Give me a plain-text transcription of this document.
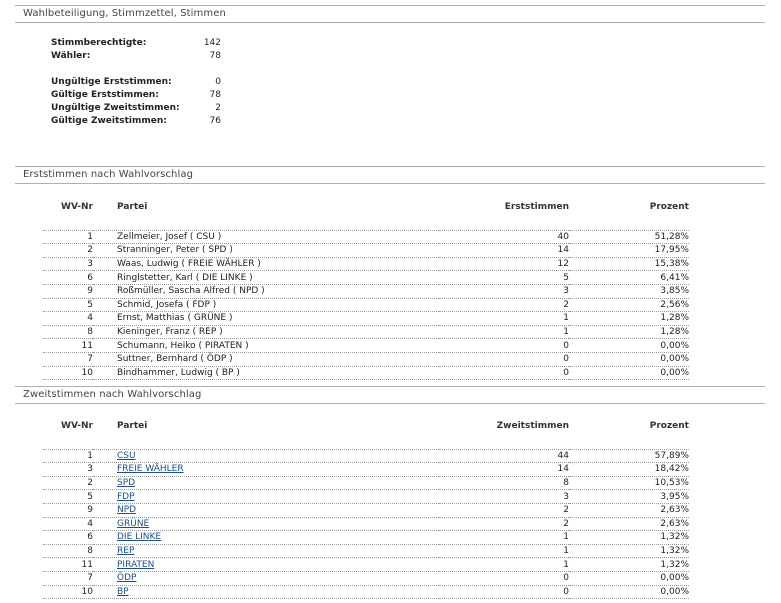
Wahlbeteiligung, Stimmzettel, Stimmen
Stimmberechtigte:	142
Wähler:	78
Ungültige Erststimmen:	0
Gültige Erststimmen:	78
Ungültige Zweitstimmen:	2
Gültige Zweitstimmen:	76
Erststimmen nach Wahlvorschlag
WV-Nr	Partei	Erststimmen	Prozent

1	Zellmeier, Josef ( CSU )	40	51,28%
2	Stranninger, Peter ( SPD )	14	17,95%
3	Waas, Ludwig ( FREIE WÄHLER )	12	15,38%
6	Ringlstetter, Karl ( DIE LINKE )	5	6,41%
9	Roßmüller, Sascha Alfred ( NPD )	3	3,85%
5	Schmid, Josefa ( FDP )	2	2,56%
4	Ernst, Matthias ( GRÜNE )	1	1,28%
8	Kieninger, Franz ( REP )	1	1,28%
11	Schumann, Heiko ( PIRATEN )	0	0,00%
7	Suttner, Bernhard ( ÖDP )	0	0,00%
10	Bindhammer, Ludwig ( BP )	0	0,00%
Zweitstimmen nach Wahlvorschlag
WV-Nr	Partei	Zweitstimmen	Prozent

1	CSU	44	57,89%
3	FREIE WÄHLER	14	18,42%
2	SPD	8	10,53%
5	FDP	3	3,95%
9	NPD	2	2,63%
4	GRÜNE	2	2,63%
6	DIE LINKE	1	1,32%
8	REP	1	1,32%
11	PIRATEN	1	1,32%
7	ÖDP	0	0,00%
10	BP	0	0,00%
